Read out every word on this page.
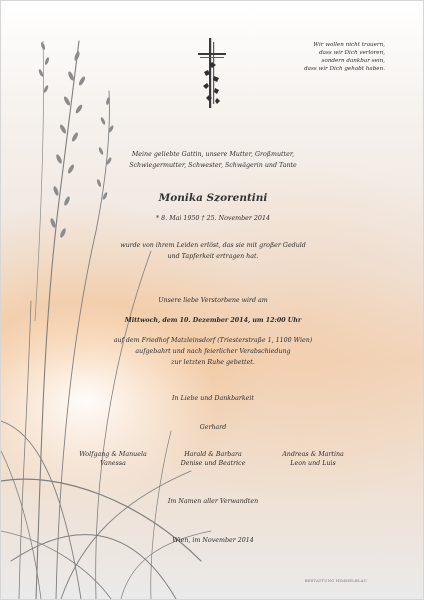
Wir wollen nicht trauern,
dass wir Dich verloren,
sondern dankbar sein,
dass wir Dich gehabt haben.
Meine geliebte Gattin, unsere Mutter, Großmutter,
Schwiegermutter, Schwester, Schwägerin und Tante
Monika Szorentini
* 8. Mai 1950 † 25. November 2014
wurde von ihrem Leiden erlöst, das sie mit großer Geduld
und Tapferkeit ertragen hat.
Unsere liebe Verstorbene wird am
Mittwoch, dem 10. Dezember 2014, um 12:00 Uhr
auf dem Friedhof Matzleinsdorf (Triesterstraße 1, 1100 Wien)
aufgebahrt und nach feierlicher Verabschiedung
zur letzten Ruhe gebettet.
In Liebe und Dankbarkeit
Gerhard
Wolfgang & Manuela
Vanessa
Harald & Barbara
Denise und Beatrice
Andreas & Martina
Leon und Luis
Im Namen aller Verwandten
Wien, im November 2014
BESTATTUNG HIMMELBLAU
